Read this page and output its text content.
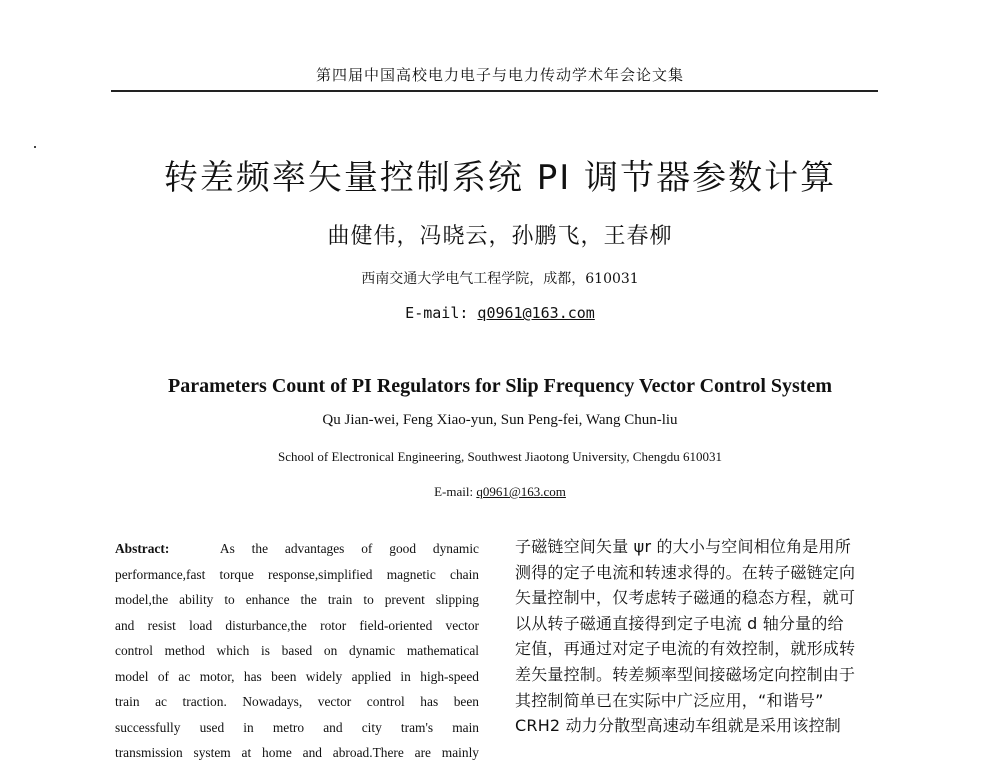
第四届中国高校电力电子与电力传动学术年会论文集
转差频率矢量控制系统 PI 调节器参数计算
曲健伟，冯晓云，孙鹏飞，王春柳
西南交通大学电气工程学院，成都，610031
E-mail: q0961@163.com
Parameters Count of PI Regulators for Slip Frequency Vector Control System
Qu Jian-wei, Feng Xiao-yun, Sun Peng-fei, Wang Chun-liu
School of Electronical Engineering, Southwest Jiaotong University, Chengdu 610031
E-mail: q0961@163.com
Abstract:	As the advantages of good dynamic
performance,fast torque response,simplified magnetic chain
model,the ability to enhance the train to prevent slipping
and resist load disturbance,the rotor field-oriented vector
control method which is based on dynamic mathematical
model of ac motor, has been widely applied in high-speed
train ac traction. Nowadays, vector control has been
successfully used in metro and city tram's main
transmission system at home and abroad.There are mainly
子磁链空间矢量 ψr 的大小与空间相位角是用所
测得的定子电流和转速求得的。在转子磁链定向
矢量控制中，仅考虑转子磁通的稳态方程，就可
以从转子磁通直接得到定子电流 d 轴分量的给
定值，再通过对定子电流的有效控制，就形成转
差矢量控制。转差频率型间接磁场定向控制由于
其控制简单已在实际中广泛应用，“和谐号”
CRH2 动力分散型高速动车组就是采用该控制
